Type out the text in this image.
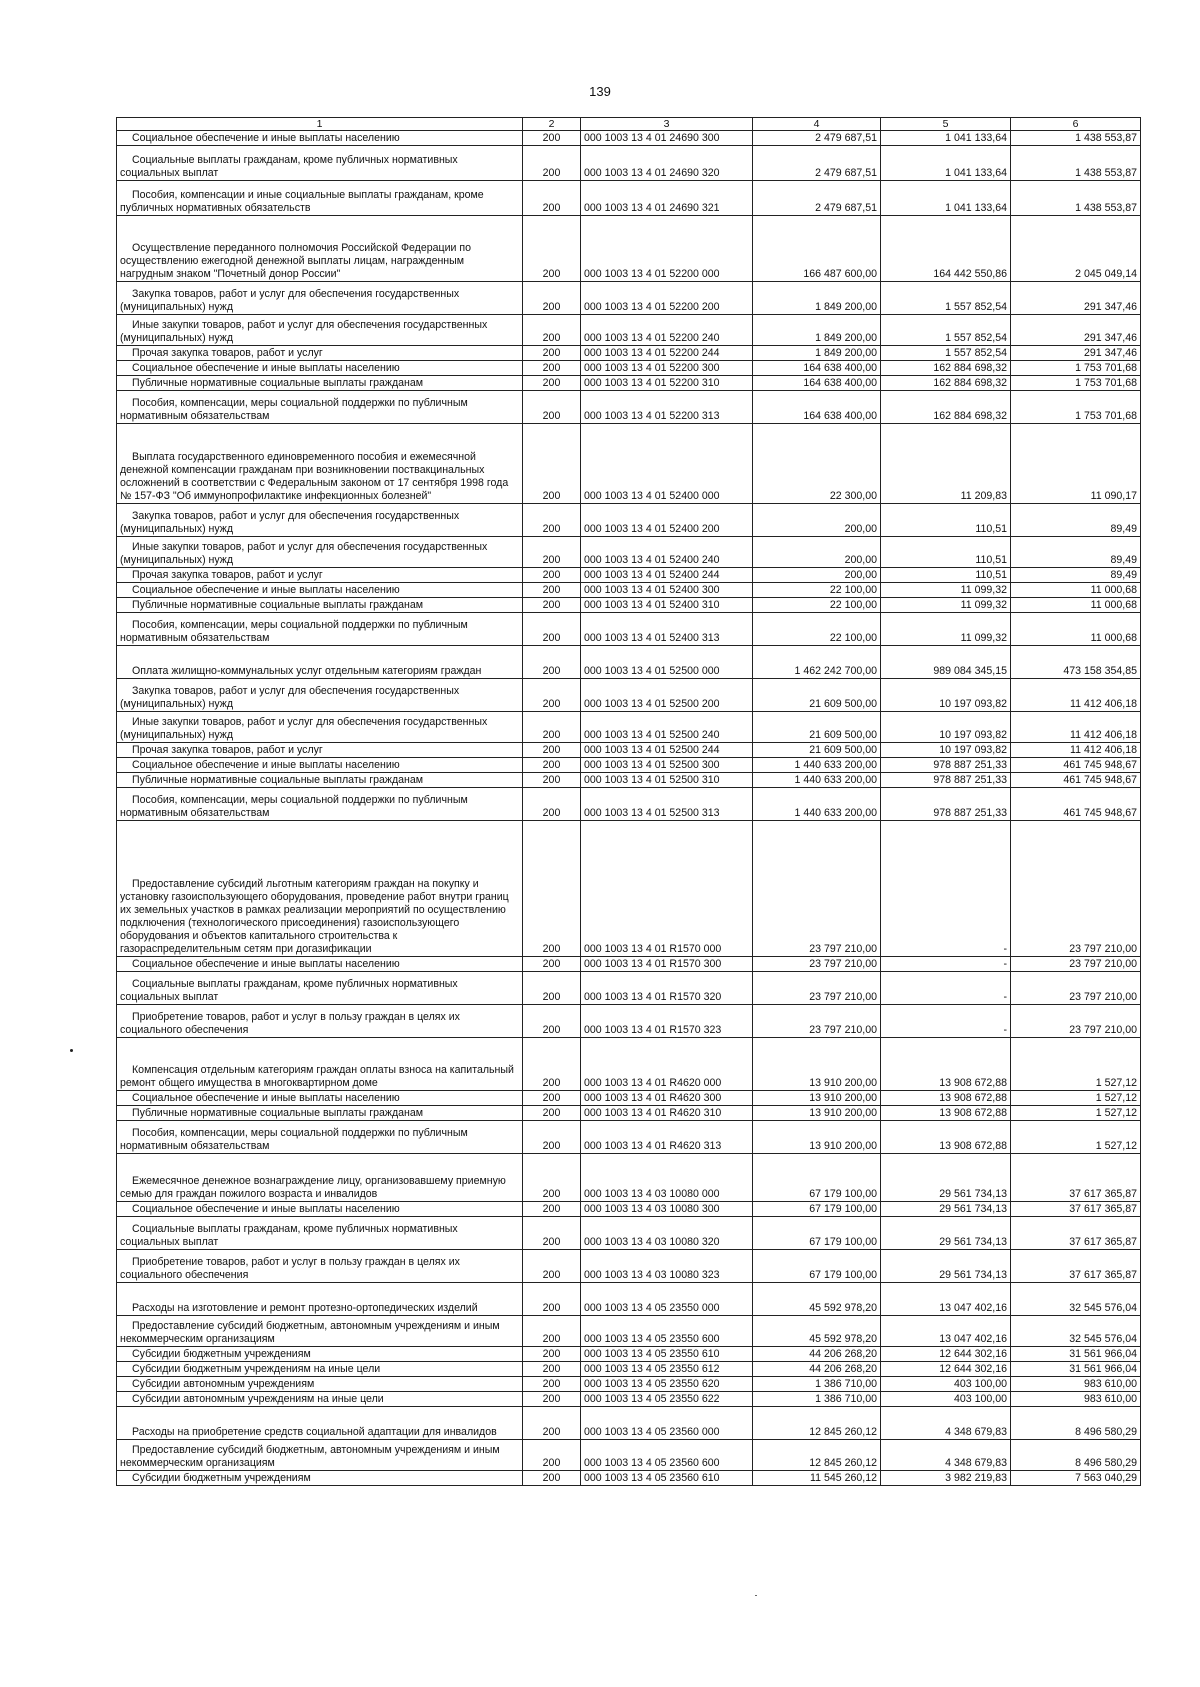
139
1	2	3	4	5	6

Социальное обеспечение и иные выплаты населению	200	000 1003 13 4 01 24690 300	2 479 687,51	1 041 133,64	1 438 553,87

Социальные выплаты гражданам, кроме публичных нормативных социальных выплат	200	000 1003 13 4 01 24690 320	2 479 687,51	1 041 133,64	1 438 553,87

Пособия, компенсации и иные социальные выплаты гражданам, кроме публичных нормативных обязательств	200	000 1003 13 4 01 24690 321	2 479 687,51	1 041 133,64	1 438 553,87

Осуществление переданного полномочия Российской Федерации по осуществлению ежегодной денежной выплаты лицам, награжденным нагрудным знаком "Почетный донор России"	200	000 1003 13 4 01 52200 000	166 487 600,00	164 442 550,86	2 045 049,14

Закупка товаров, работ и услуг для обеспечения государственных (муниципальных) нужд	200	000 1003 13 4 01 52200 200	1 849 200,00	1 557 852,54	291 347,46

Иные закупки товаров, работ и услуг для обеспечения государственных (муниципальных) нужд	200	000 1003 13 4 01 52200 240	1 849 200,00	1 557 852,54	291 347,46

Прочая закупка товаров, работ и услуг	200	000 1003 13 4 01 52200 244	1 849 200,00	1 557 852,54	291 347,46

Социальное обеспечение и иные выплаты населению	200	000 1003 13 4 01 52200 300	164 638 400,00	162 884 698,32	1 753 701,68

Публичные нормативные социальные выплаты гражданам	200	000 1003 13 4 01 52200 310	164 638 400,00	162 884 698,32	1 753 701,68

Пособия, компенсации, меры социальной поддержки по публичным нормативным обязательствам	200	000 1003 13 4 01 52200 313	164 638 400,00	162 884 698,32	1 753 701,68

Выплата государственного единовременного пособия и ежемесячной денежной компенсации гражданам при возникновении поствакцинальных осложнений в соответствии с Федеральным законом от 17 сентября 1998 года № 157-ФЗ "Об иммунопрофилактике инфекционных болезней"	200	000 1003 13 4 01 52400 000	22 300,00	11 209,83	11 090,17

Закупка товаров, работ и услуг для обеспечения государственных (муниципальных) нужд	200	000 1003 13 4 01 52400 200	200,00	110,51	89,49

Иные закупки товаров, работ и услуг для обеспечения государственных (муниципальных) нужд	200	000 1003 13 4 01 52400 240	200,00	110,51	89,49

Прочая закупка товаров, работ и услуг	200	000 1003 13 4 01 52400 244	200,00	110,51	89,49

Социальное обеспечение и иные выплаты населению	200	000 1003 13 4 01 52400 300	22 100,00	11 099,32	11 000,68

Публичные нормативные социальные выплаты гражданам	200	000 1003 13 4 01 52400 310	22 100,00	11 099,32	11 000,68

Пособия, компенсации, меры социальной поддержки по публичным нормативным обязательствам	200	000 1003 13 4 01 52400 313	22 100,00	11 099,32	11 000,68

Оплата жилищно-коммунальных услуг отдельным категориям граждан	200	000 1003 13 4 01 52500 000	1 462 242 700,00	989 084 345,15	473 158 354,85

Закупка товаров, работ и услуг для обеспечения государственных (муниципальных) нужд	200	000 1003 13 4 01 52500 200	21 609 500,00	10 197 093,82	11 412 406,18

Иные закупки товаров, работ и услуг для обеспечения государственных (муниципальных) нужд	200	000 1003 13 4 01 52500 240	21 609 500,00	10 197 093,82	11 412 406,18

Прочая закупка товаров, работ и услуг	200	000 1003 13 4 01 52500 244	21 609 500,00	10 197 093,82	11 412 406,18

Социальное обеспечение и иные выплаты населению	200	000 1003 13 4 01 52500 300	1 440 633 200,00	978 887 251,33	461 745 948,67

Публичные нормативные социальные выплаты гражданам	200	000 1003 13 4 01 52500 310	1 440 633 200,00	978 887 251,33	461 745 948,67

Пособия, компенсации, меры социальной поддержки по публичным нормативным обязательствам	200	000 1003 13 4 01 52500 313	1 440 633 200,00	978 887 251,33	461 745 948,67

Предоставление субсидий льготным категориям граждан на покупку и установку газоиспользующего оборудования, проведение работ внутри границ их земельных участков в рамках реализации мероприятий по осуществлению подключения (технологического присоединения) газоиспользующего оборудования и объектов капитального строительства к газораспределительным сетям при догазификации	200	000 1003 13 4 01 R1570 000	23 797 210,00	-	23 797 210,00

Социальное обеспечение и иные выплаты населению	200	000 1003 13 4 01 R1570 300	23 797 210,00	-	23 797 210,00

Социальные выплаты гражданам, кроме публичных нормативных социальных выплат	200	000 1003 13 4 01 R1570 320	23 797 210,00	-	23 797 210,00

Приобретение товаров, работ и услуг в пользу граждан в целях их социального обеспечения	200	000 1003 13 4 01 R1570 323	23 797 210,00	-	23 797 210,00

Компенсация отдельным категориям граждан оплаты взноса на капитальный ремонт общего имущества в многоквартирном доме	200	000 1003 13 4 01 R4620 000	13 910 200,00	13 908 672,88	1 527,12

Социальное обеспечение и иные выплаты населению	200	000 1003 13 4 01 R4620 300	13 910 200,00	13 908 672,88	1 527,12

Публичные нормативные социальные выплаты гражданам	200	000 1003 13 4 01 R4620 310	13 910 200,00	13 908 672,88	1 527,12

Пособия, компенсации, меры социальной поддержки по публичным нормативным обязательствам	200	000 1003 13 4 01 R4620 313	13 910 200,00	13 908 672,88	1 527,12

Ежемесячное денежное вознаграждение лицу, организовавшему приемную семью для граждан пожилого возраста и инвалидов	200	000 1003 13 4 03 10080 000	67 179 100,00	29 561 734,13	37 617 365,87

Социальное обеспечение и иные выплаты населению	200	000 1003 13 4 03 10080 300	67 179 100,00	29 561 734,13	37 617 365,87

Социальные выплаты гражданам, кроме публичных нормативных социальных выплат	200	000 1003 13 4 03 10080 320	67 179 100,00	29 561 734,13	37 617 365,87

Приобретение товаров, работ и услуг в пользу граждан в целях их социального обеспечения	200	000 1003 13 4 03 10080 323	67 179 100,00	29 561 734,13	37 617 365,87

Расходы на изготовление и ремонт протезно-ортопедических изделий	200	000 1003 13 4 05 23550 000	45 592 978,20	13 047 402,16	32 545 576,04

Предоставление субсидий бюджетным, автономным учреждениям и иным некоммерческим организациям	200	000 1003 13 4 05 23550 600	45 592 978,20	13 047 402,16	32 545 576,04

Субсидии бюджетным учреждениям	200	000 1003 13 4 05 23550 610	44 206 268,20	12 644 302,16	31 561 966,04

Субсидии бюджетным учреждениям на иные цели	200	000 1003 13 4 05 23550 612	44 206 268,20	12 644 302,16	31 561 966,04

Субсидии автономным учреждениям	200	000 1003 13 4 05 23550 620	1 386 710,00	403 100,00	983 610,00

Субсидии автономным учреждениям на иные цели	200	000 1003 13 4 05 23550 622	1 386 710,00	403 100,00	983 610,00

Расходы на приобретение средств социальной адаптации для инвалидов	200	000 1003 13 4 05 23560 000	12 845 260,12	4 348 679,83	8 496 580,29

Предоставление субсидий бюджетным, автономным учреждениям и иным некоммерческим организациям	200	000 1003 13 4 05 23560 600	12 845 260,12	4 348 679,83	8 496 580,29

Субсидии бюджетным учреждениям	200	000 1003 13 4 05 23560 610	11 545 260,12	3 982 219,83	7 563 040,29
